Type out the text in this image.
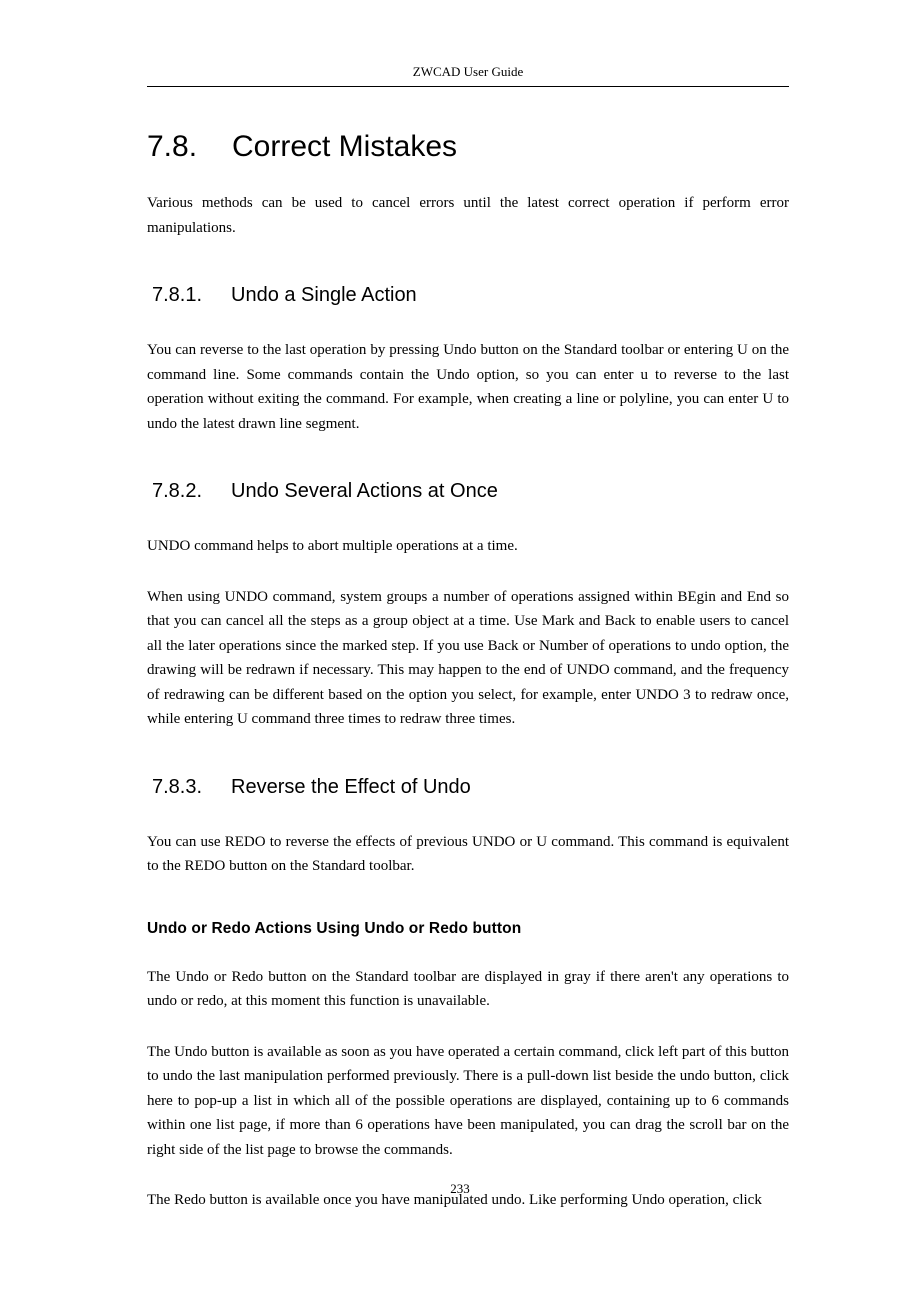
ZWCAD User Guide
7.8. Correct Mistakes

Various methods can be used to cancel errors until the latest correct operation if perform error manipulations.

7.8.1. Undo a Single Action

You can reverse to the last operation by pressing Undo button on the Standard toolbar or entering U on the command line. Some commands contain the Undo option, so you can enter u to reverse to the last operation without exiting the command. For example, when creating a line or polyline, you can enter U to undo the latest drawn line segment.

7.8.2. Undo Several Actions at Once

UNDO command helps to abort multiple operations at a time.

When using UNDO command, system groups a number of operations assigned within BEgin and End so that you can cancel all the steps as a group object at a time. Use Mark and Back to enable users to cancel all the later operations since the marked step. If you use Back or Number of operations to undo option, the drawing will be redrawn if necessary. This may happen to the end of UNDO command, and the frequency of redrawing can be different based on the option you select, for example, enter UNDO 3 to redraw once, while entering U command three times to redraw three times.

7.8.3. Reverse the Effect of Undo

You can use REDO to reverse the effects of previous UNDO or U command. This command is equivalent to the REDO button on the Standard toolbar.

Undo or Redo Actions Using Undo or Redo button

The Undo or Redo button on the Standard toolbar are displayed in gray if there aren't any operations to undo or redo, at this moment this function is unavailable.

The Undo button is available as soon as you have operated a certain command, click left part of this button to undo the last manipulation performed previously. There is a pull-down list beside the undo button, click here to pop-up a list in which all of the possible operations are displayed, containing up to 6 commands within one list page, if more than 6 operations have been manipulated, you can drag the scroll bar on the right side of the list page to browse the commands.

The Redo button is available once you have manipulated undo. Like performing Undo operation, click

233
